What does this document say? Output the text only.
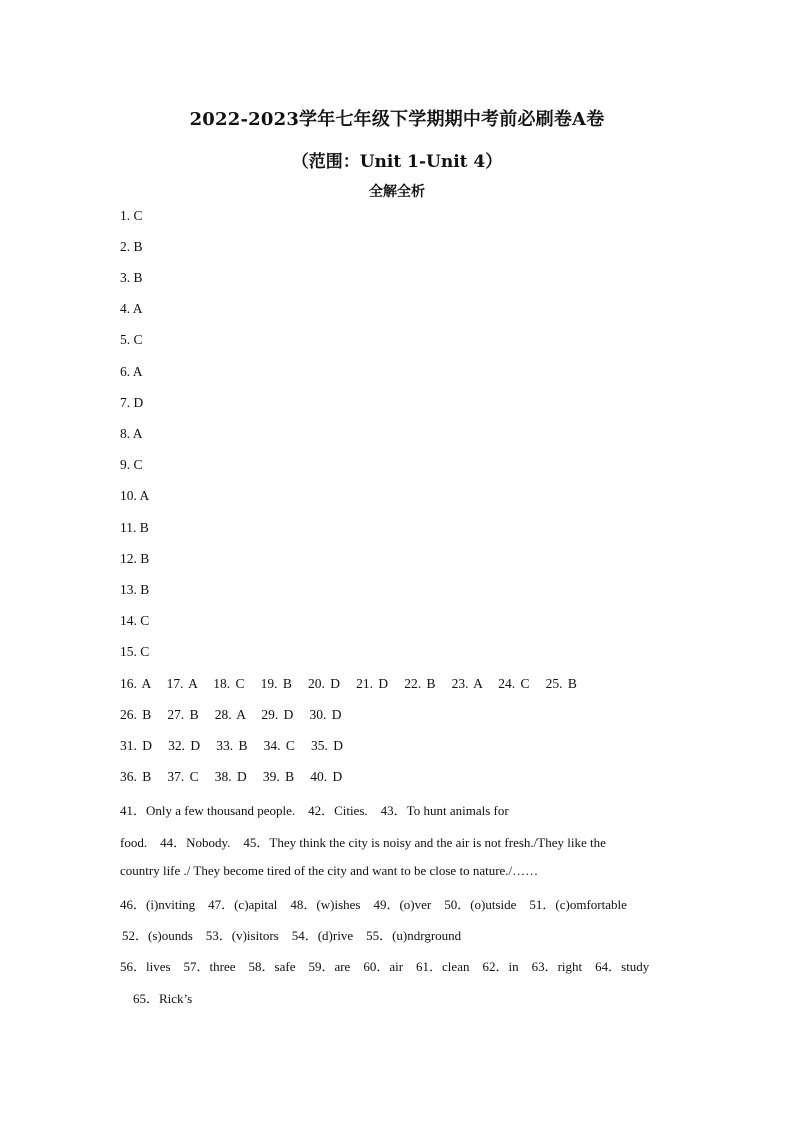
2022-2023学年七年级下学期期中考前必刷卷A卷
（范围：Unit 1-Unit 4）
全解全析
1. C
2. B
3. B
4. A
5. C
6. A
7. D
8. A
9. C
10. A
11. B
12. B
13. B
14. C
15. C
16. A   17. A   18. C   19. B   20. D   21. D   22. B   23. A   24. C   25. B
26. B   27. B   28. A   29. D   30. D
31. D   32. D   33. B   34. C   35. D
36. B   37. C   38. D   39. B   40. D
41．Only a few thousand people.    42．Cities.    43．To hunt animals for
food.    44．Nobody.    45．They think the city is noisy and the air is not fresh./They like the
country life ./ They become tired of the city and want to be close to nature./……
46．(i)nviting    47．(c)apital    48．(w)ishes    49．(o)ver    50．(o)utside    51．(c)omfortable
52．(s)ounds    53．(v)isitors    54．(d)rive    55．(u)ndrground
56．lives    57．three    58．safe    59．are    60．air    61．clean    62．in    63．right    64．study
65．Rick’s
